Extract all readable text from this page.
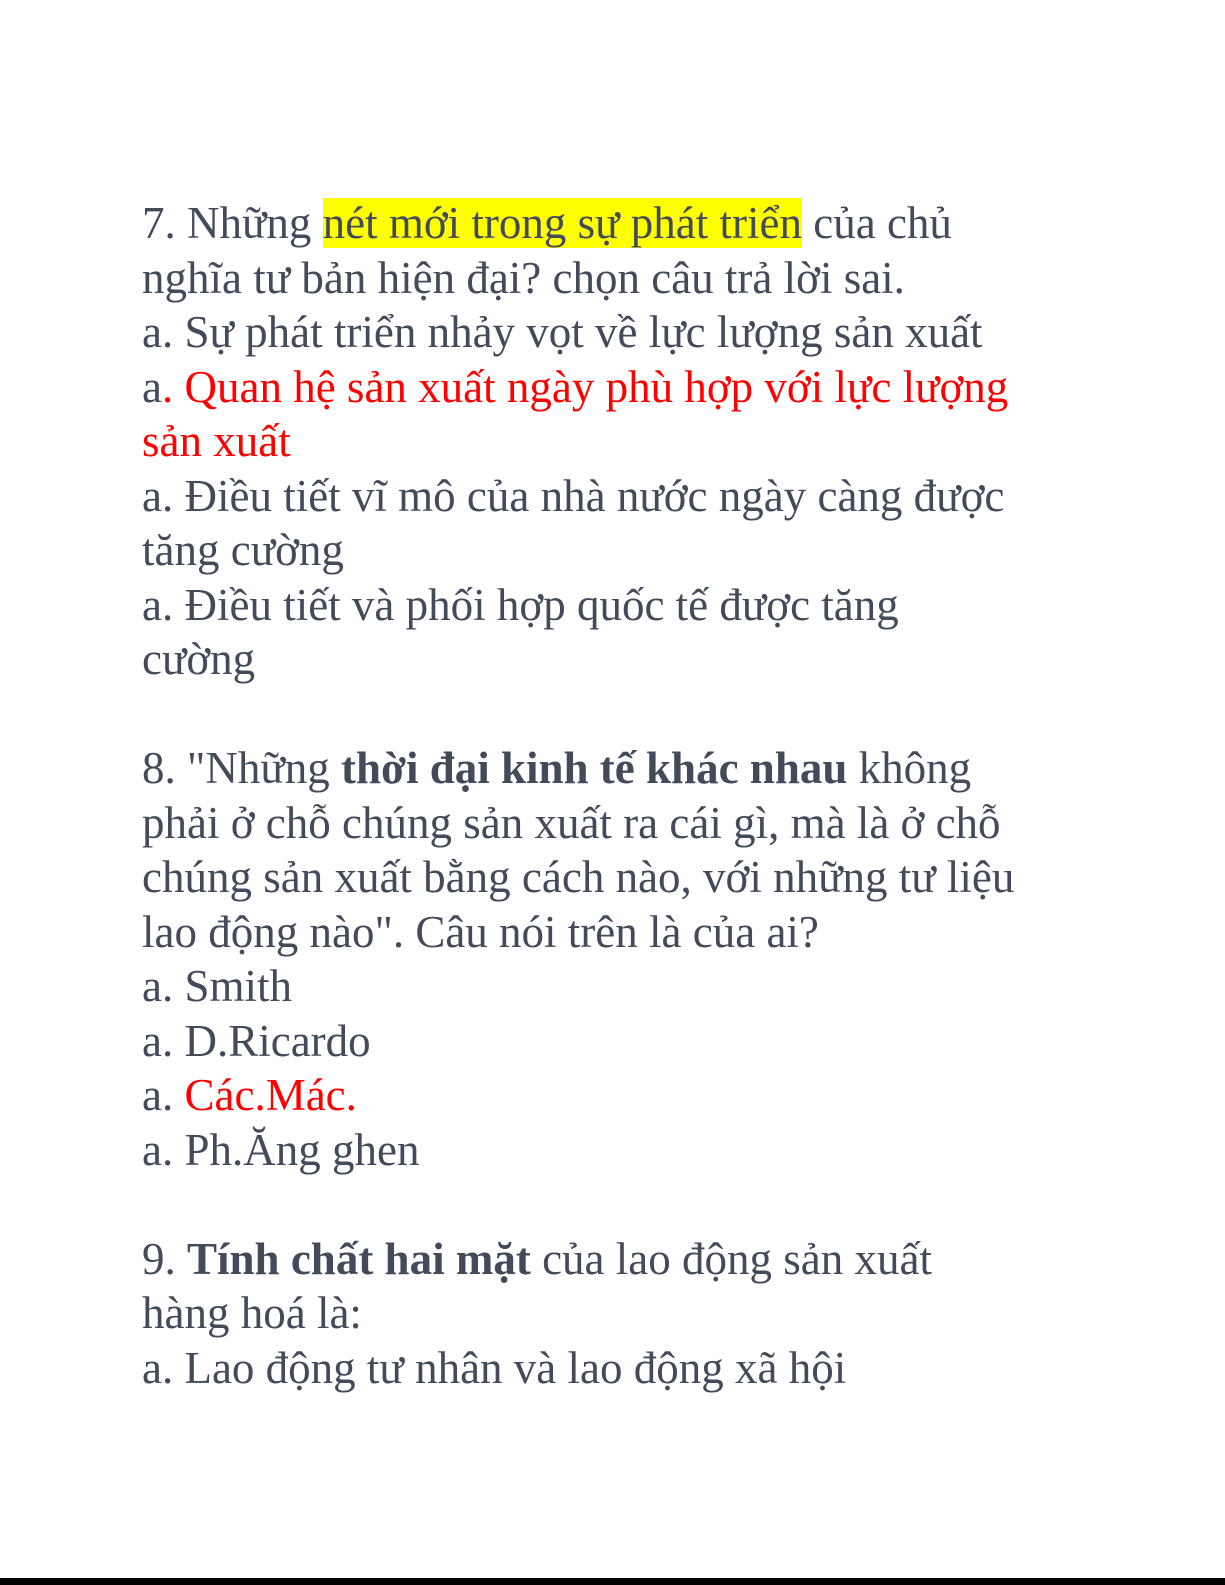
7. Những nét mới trong sự phát triển của chủ
nghĩa tư bản hiện đại? chọn câu trả lời sai.
a. Sự phát triển nhảy vọt về lực lượng sản xuất
a. Quan hệ sản xuất ngày phù hợp với lực lượng
sản xuất
a. Điều tiết vĩ mô của nhà nước ngày càng được
tăng cường
a. Điều tiết và phối hợp quốc tế được tăng
cường
8. "Những thời đại kinh tế khác nhau không
phải ở chỗ chúng sản xuất ra cái gì, mà là ở chỗ
chúng sản xuất bằng cách nào, với những tư liệu
lao động nào". Câu nói trên là của ai?
a. Smith
a. D.Ricardo
a. Các.Mác.
a. Ph.Ăng ghen
9. Tính chất hai mặt của lao động sản xuất
hàng hoá là:
a. Lao động tư nhân và lao động xã hội
